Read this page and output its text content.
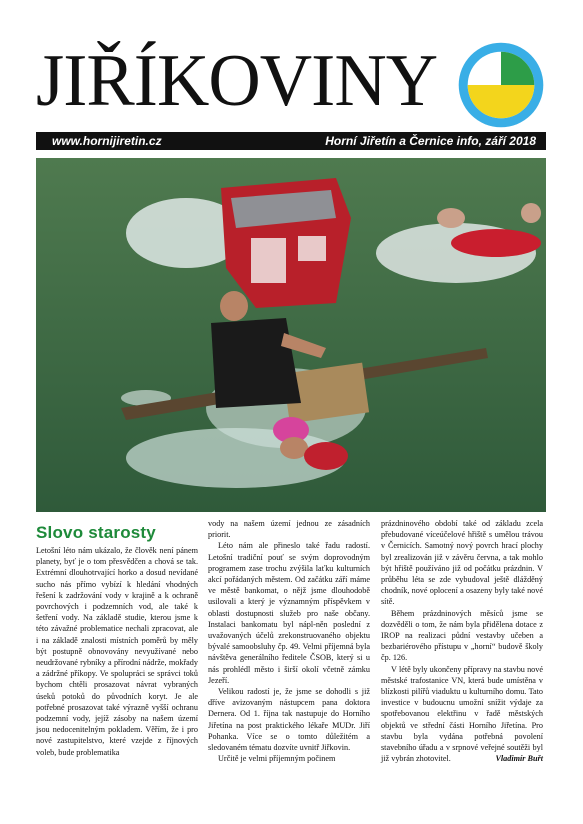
JIŘÍKOVINY
www.hornijiretin.cz	Horní Jiřetín a Černice info, září 2018
Slovo starosty

Letošní léto nám ukázalo, že člověk není pánem planety, byť je o tom přesvědčen a chová se tak. Extrémní dlouhotrvající horko a dosud nevídané sucho nás přímo vybízí k hledání vhodných řešení k zadržování vody v krajině a k ochraně povrchových i podzemních vod, ale také k šetření vody. Na základě studie, kterou jsme k této závažné problematice nechali zpracovat, ale i na základě znalosti místních poměrů by měly být postupně obnovovány nevyužívané nebo neudržované rybníky a přírodní nádrže, mokřady a zádržné příkopy. Ve spolupráci se správci toků bychom chtěli prosazovat návrat vybraných úseků potoků do původních koryt. Je ale potřebné prosazovat také výrazně vyšší ochranu podzemní vody, jejíž zásoby na našem území jsou nedocenitelným pokladem. Věřím, že i pro nové zastupitelstvo, které vzejde z říjnových voleb, bude problematika

vody na našem území jednou ze zásadních priorit.

Léto nám ale přineslo také řadu radostí. Letošní tradiční pouť se svým doprovodným programem zase trochu zvýšila laťku kulturních akcí pořádaných městem. Od začátku září máme ve městě bankomat, o nějž jsme dlouhodobě usilovali a který je významným příspěvkem v oblasti dostupnosti služeb pro naše občany. Instalaci bankomatu byl nápl-něn poslední z uvažovaných účelů zrekonstruovaného objektu bývalé samoobsluhy čp. 49. Velmi příjemná byla návštěva generálního ředitele ČSOB, který si u nás prohlédl město i širší okolí včetně zámku Jezeří.

Velikou radostí je, že jsme se dohodli s již dříve avizovaným nástupcem pana doktora Dernera. Od 1. října tak nastupuje do Horního Jiřetína na post praktického lékaře MUDr. Jiří Pohanka. Více se o tomto důležitém a sledovaném tématu dozvíte uvnitř Jiřkovin.

Určitě je velmi příjemným počinem

prázdninového období také od základu zcela přebudované víceúčelové hřiště s umělou trávou v Černicích. Samotný nový povrch hrací plochy byl zrealizován již v závěru června, a tak mohlo být hřiště používáno již od počátku prázdnin. V průběhu léta se zde vybudoval ještě dlážděný chodník, nové oplocení a osazeny byly také nové sítě.

Během prázdninových měsíců jsme se dozvěděli o tom, že nám byla přidělena dotace z IROP na realizaci půdní vestavby učeben a bezbariérového přístupu v „horní“ budově školy čp. 126.

V létě byly ukončeny přípravy na stavbu nové městské trafostanice VN, která bude umístěna v blízkosti pilířů viaduktu u kulturního domu. Tato investice v budoucnu umožní snížit výdaje za spotřebovanou elektřinu v řadě městských objektů ve střední části Horního Jiřetína. Pro stavbu byla vydána potřebná povolení stavebního úřadu a v srpnové veřejné soutěži byl již vybrán zhotovitel.	Vladimír Buřt
